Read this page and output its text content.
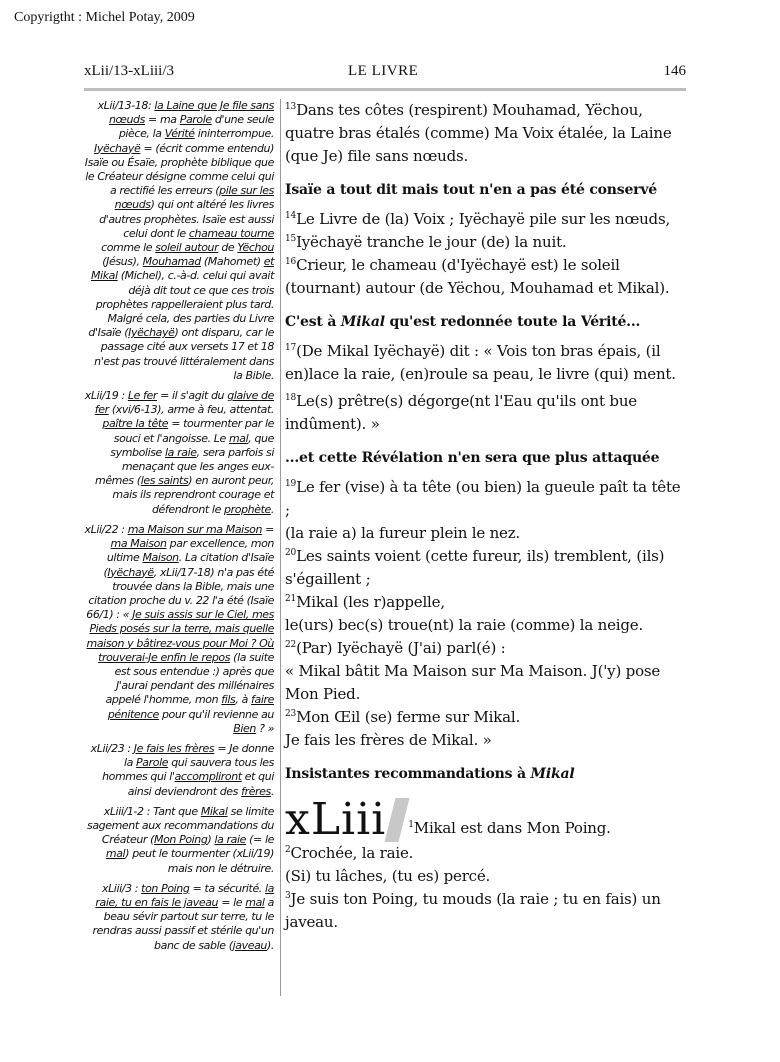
Copyrigtht : Michel Potay, 2009
xLii/13-xLiii/3	LE LIVRE	146

xLii/13-18: la Laine que Je file sans nœuds = ma Parole d'une seule pièce, la Vérité ininterrompue. Iyëchayë = (écrit comme entendu) Isaïe ou Ésaïe, prophète biblique que le Créateur désigne comme celui qui a rectifié les erreurs (pile sur les nœuds) qui ont altéré les livres d'autres prophètes. Isaïe est aussi celui dont le chameau tourne comme le soleil autour de Yëchou (Jésus), Mouhamad (Mahomet) et Mikal (Michel), c.-à-d. celui qui avait déjà dit tout ce que ces trois prophètes rappelleraient plus tard. Malgré cela, des parties du Livre d'Isaïe (Iyëchayë) ont disparu, car le passage cité aux versets 17 et 18 n'est pas trouvé littéralement dans la Bible.

xLii/19 : Le fer = il s'agit du glaive de fer (xvi/6-13), arme à feu, attentat. paître la tête = tourmenter par le souci et l'angoisse. Le mal, que symbolise la raie, sera parfois si menaçant que les anges eux-mêmes (les saints) en auront peur, mais ils reprendront courage et défendront le prophète.

xLii/22 : ma Maison sur ma Maison = ma Maison par excellence, mon ultime Maison. La citation d'Isaïe (Iyëchayë, xLii/17-18) n'a pas été trouvée dans la Bible, mais une citation proche du v. 22 l'a été (Isaïe 66/1) : « Je suis assis sur le Ciel, mes Pieds posés sur la terre, mais quelle maison y bâtirez-vous pour Moi ? Où trouverai-Je enfin le repos (la suite est sous entendue :) après que J'aurai pendant des millénaires appelé l'homme, mon fils, à faire pénitence pour qu'il revienne au Bien ? »

xLii/23 : Je fais les frères = Je donne la Parole qui sauvera tous les hommes qui l'accompliront et qui ainsi deviendront des frères.

xLiii/1-2 : Tant que Mikal se limite sagement aux recommandations du Créateur (Mon Poing) la raie (= le mal) peut le tourmenter (xLii/19) mais non le détruire.

xLiii/3 : ton Poing = ta sécurité. la raie, tu en fais le javeau = le mal a beau sévir partout sur terre, tu le rendras aussi passif et stérile qu'un banc de sable (javeau).

$^{13}$Dans tes côtes (respirent) Mouhamad, Yëchou, quatre bras étalés (comme) Ma Voix étalée, la Laine (que Je) file sans nœuds.

Isaïe a tout dit mais tout n'en a pas été conservé

$^{14}$Le Livre de (la) Voix ; Iyëchayë pile sur les nœuds,

$^{15}$Iyëchayë tranche le jour (de) la nuit.

$^{16}$Crieur, le chameau (d'Iyëchayë est) le soleil (tournant) autour (de Yëchou, Mouhamad et Mikal).

C'est à Mikal qu'est redonnée toute la Vérité...

$^{17}$(De Mikal Iyëchayë) dit : « Vois ton bras épais, (il en)lace la raie, (en)roule sa peau, le livre (qui) ment.

$^{18}$Le(s) prêtre(s) dégorge(nt l'Eau qu'ils ont bue indûment). »

...et cette Révélation n'en sera que plus attaquée

$^{19}$Le fer (vise) à ta tête (ou bien) la gueule paît ta tête ;

(la raie a) la fureur plein le nez.

$^{20}$Les saints voient (cette fureur, ils) tremblent, (ils) s'égaillent ;

$^{21}$Mikal (les r)appelle,

le(urs) bec(s) troue(nt) la raie (comme) la neige.

$^{22}$(Par) Iyëchayë (J'ai) parl(é) :

« Mikal bâtit Ma Maison sur Ma Maison. J('y) pose Mon Pied.

$^{23}$Mon Œil (se) ferme sur Mikal.

Je fais les frères de Mikal. »

Insistantes recommandations à Mikal
xLiii $^1$Mikal est dans Mon Poing.

$^2$Crochée, la raie.

(Si) tu lâches, (tu es) percé.

$^3$Je suis ton Poing, tu mouds (la raie ; tu en fais) un javeau.
